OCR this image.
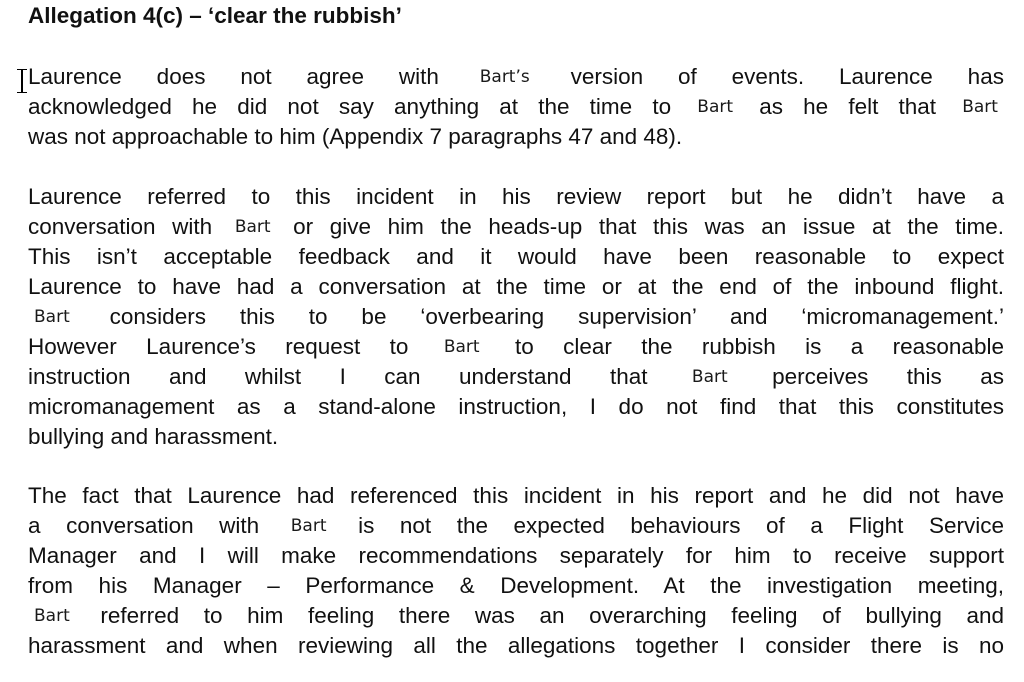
Allegation 4(c) – ‘clear the rubbish’
Laurence does not agree with Bart’s version of events. Laurence has
acknowledged he did not say anything at the time to Bart as he felt that Bart
was not approachable to him (Appendix 7 paragraphs 47 and 48).
Laurence referred to this incident in his review report but he didn’t have a
conversation with Bart or give him the heads-up that this was an issue at the time.
This isn’t acceptable feedback and it would have been reasonable to expect
Laurence to have had a conversation at the time or at the end of the inbound flight.
Bart considers this to be ‘overbearing supervision’ and ‘micromanagement.’
However Laurence’s request to Bart to clear the rubbish is a reasonable
instruction and whilst I can understand that	Bart perceives this as
micromanagement as a stand-alone instruction, I do not find that this constitutes
bullying and harassment.
The fact that Laurence had referenced this incident in his report and he did not have
a conversation with Bart is not the expected behaviours of a Flight Service
Manager and I will make recommendations separately for him to receive support
from his Manager – Performance & Development. At the investigation meeting,
Bart referred to him feeling there was an overarching feeling of bullying and
harassment and when reviewing all the allegations together I consider there is no
